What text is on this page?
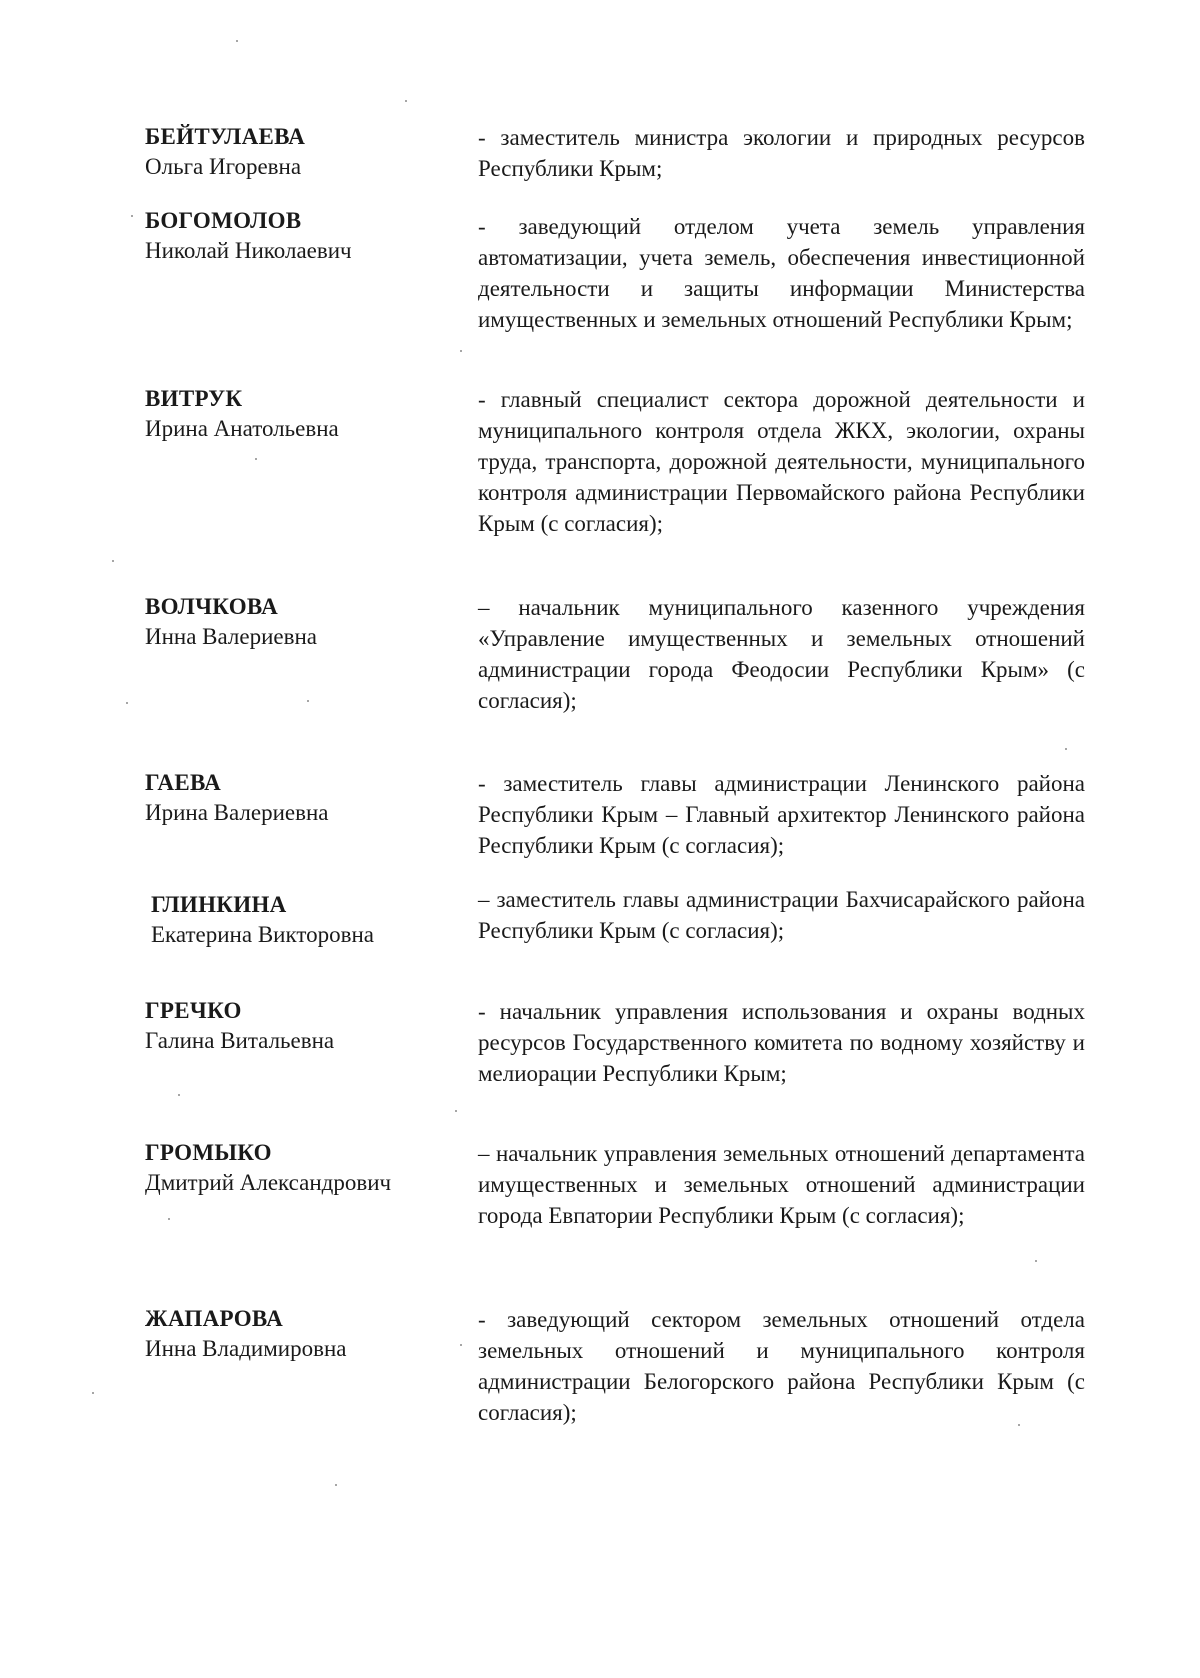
БЕЙТУЛАЕВА
Ольга Игоревна
- заместитель министра экологии и природных ресурсов Республики Крым;
БОГОМОЛОВ
Николай Николаевич
- заведующий отделом учета земель управления автоматизации, учета земель, обеспечения инвестиционной деятельности и защиты информации Министерства имущественных и земельных отношений Республики Крым;
ВИТРУК
Ирина Анатольевна
- главный специалист сектора дорожной деятельности и муниципального контроля отдела ЖКХ, экологии, охраны труда, транспорта, дорожной деятельности, муниципального контроля администрации Первомайского района Республики Крым (с согласия);
ВОЛЧКОВА
Инна Валериевна
– начальник муниципального казенного учреждения «Управление имущественных и земельных отношений администрации города Феодосии Республики Крым» (с согласия);
ГАЕВА
Ирина Валериевна
- заместитель главы администрации Ленинского района Республики Крым – Главный архитектор Ленинского района Республики Крым (с согласия);
ГЛИНКИНА
Екатерина Викторовна
– заместитель главы администрации Бахчисарайского района Республики Крым (с согласия);
ГРЕЧКО
Галина Витальевна
- начальник управления использования и охраны водных ресурсов Государственного комитета по водному хозяйству и мелиорации Республики Крым;
ГРОМЫКО
Дмитрий Александрович
– начальник управления земельных отношений департамента имущественных и земельных отношений администрации города Евпатории Республики Крым (с согласия);
ЖАПАРОВА
Инна Владимировна
- заведующий сектором земельных отношений отдела земельных отношений и муниципального контроля администрации Белогорского района Республики Крым (с согласия);
